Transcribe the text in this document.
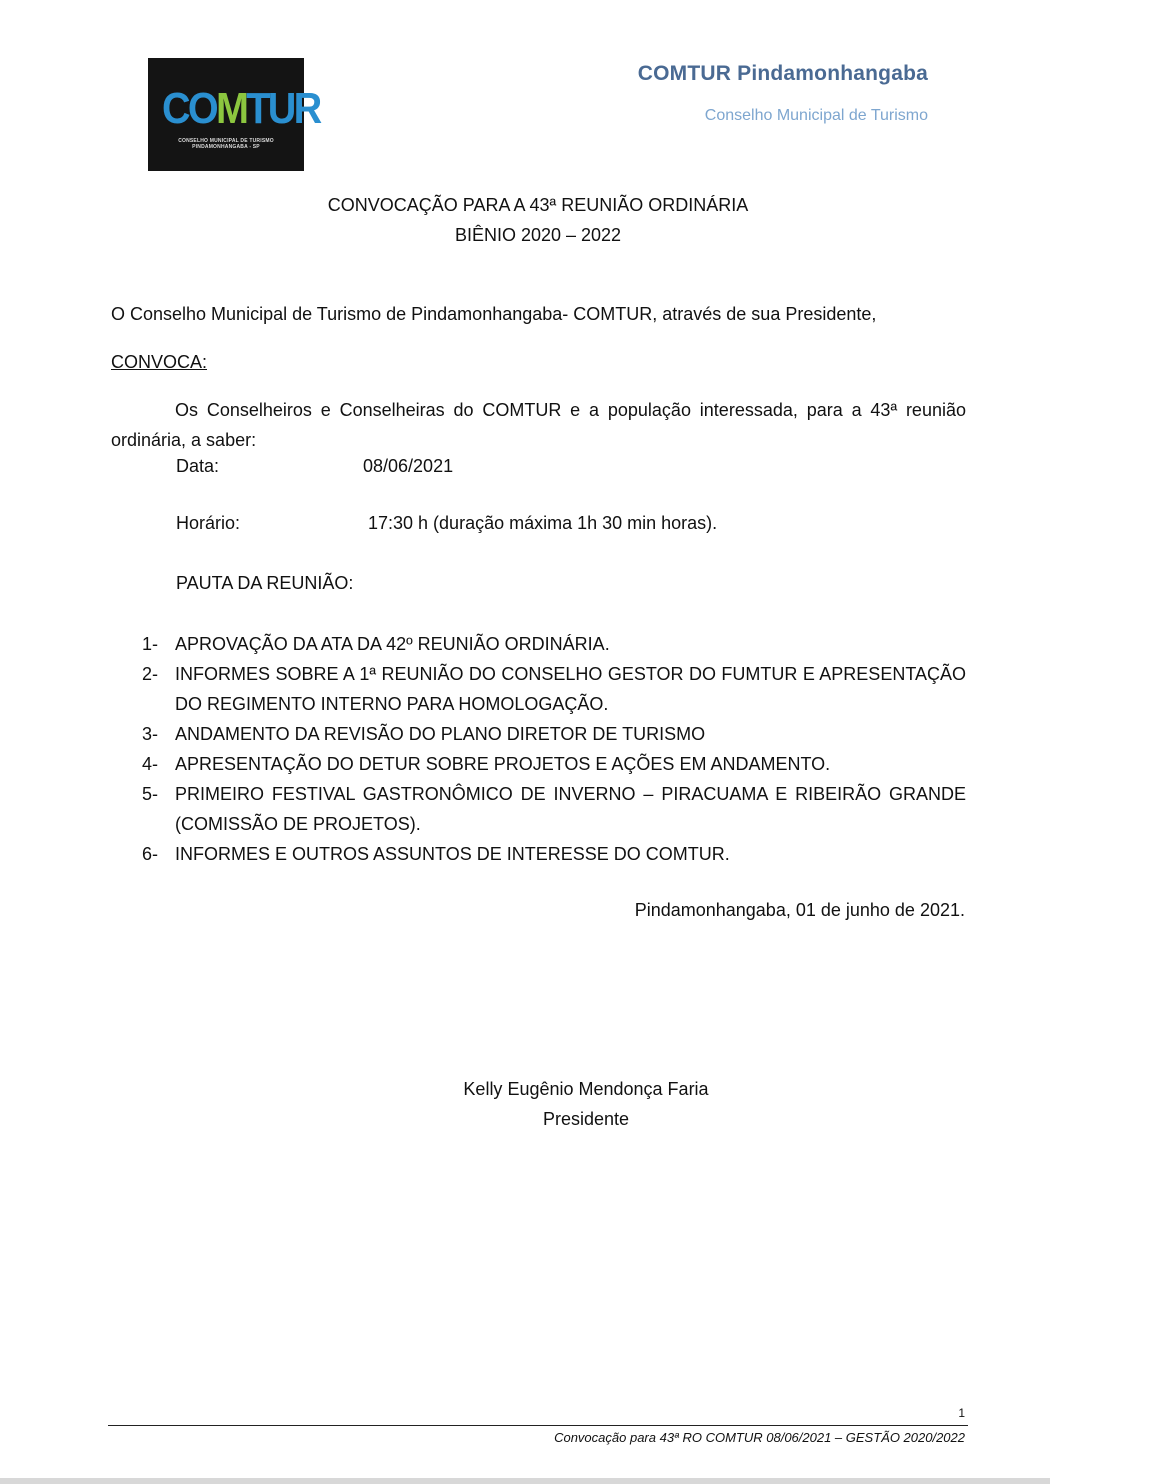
COMTUR
CONSELHO MUNICIPAL DE TURISMO PINDAMONHANGABA - SP
COMTUR Pindamonhangaba
Conselho Municipal de Turismo
CONVOCAÇÃO PARA A 43ª REUNIÃO ORDINÁRIA
BIÊNIO 2020 – 2022
O Conselho Municipal de Turismo de Pindamonhangaba- COMTUR, através de sua Presidente,
CONVOCA:
Os Conselheiros e Conselheiras do COMTUR e a população interessada, para a 43ª reunião ordinária, a saber:
Data:	08/06/2021
Horário:	17:30 h (duração máxima 1h 30 min horas).
PAUTA DA REUNIÃO:
1- APROVAÇÃO DA ATA DA 42º REUNIÃO ORDINÁRIA.
2- INFORMES SOBRE A 1ª REUNIÃO DO CONSELHO GESTOR DO FUMTUR E APRESENTAÇÃO DO REGIMENTO INTERNO PARA HOMOLOGAÇÃO.
3- ANDAMENTO DA REVISÃO DO PLANO DIRETOR DE TURISMO
4- APRESENTAÇÃO DO DETUR SOBRE PROJETOS E AÇÕES EM ANDAMENTO.
5- PRIMEIRO FESTIVAL GASTRONÔMICO DE INVERNO – PIRACUAMA E RIBEIRÃO GRANDE (COMISSÃO DE PROJETOS).
6- INFORMES E OUTROS ASSUNTOS DE INTERESSE DO COMTUR.
Pindamonhangaba, 01 de junho de 2021.
Kelly Eugênio Mendonça Faria
Presidente
1
Convocação para 43ª RO COMTUR 08/06/2021 – GESTÃO 2020/2022
